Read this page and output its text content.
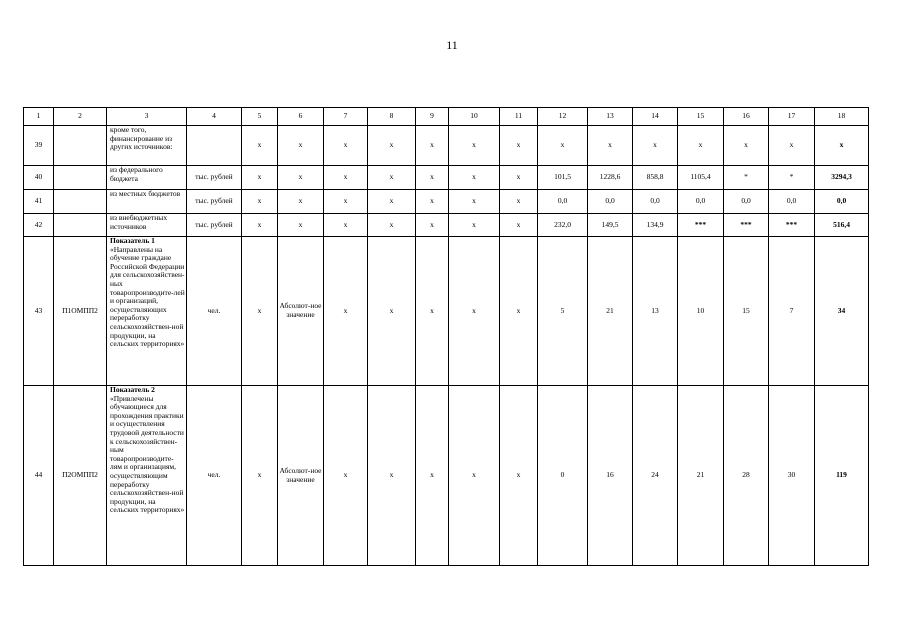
11
1	2	3	4	5	6	7	8	9	10	11	12	13	14	15	16	17	18
39		кроме того, финансирование из других источников:		х	х	х	х	х	х	х	х	х	х	х	х	х	х
40		из федерального бюджета	тыс. рублей	х	х	х	х	х	х	х	101,5	1228,6	858,8	1105,4	*	*	3294,3
41		из местных бюджетов	тыс. рублей	х	х	х	х	х	х	х	0,0	0,0	0,0	0,0	0,0	0,0	0,0
42		из внебюджетных источников	тыс. рублей	х	х	х	х	х	х	х	232,0	149,5	134,9	***	***	***	516,4
43	П1ОМПП2	Показатель 1
«Направлены на обучение граждане Российской Федерации для сельскохозяйствен-ных товаропроизводите-лей и организаций, осуществляющих переработку сельскохозяйствен-ной продукции, на сельских территориях»	чел.	х	Абсолют-ное значение	х	х	х	х	х	5	21	13	10	15	7	34
44	П2ОМПП2	Показатель 2
«Привлечены обучающиеся для прохождения практики и осуществления трудовой деятельности к сельскохозяйствен-ным товаропроизводите-лям и организациям, осуществляющим переработку сельскохозяйствен-ной продукции, на сельских территориях»	чел.	х	Абсолют-ное значение	х	х	х	х	х	0	16	24	21	28	30	119
